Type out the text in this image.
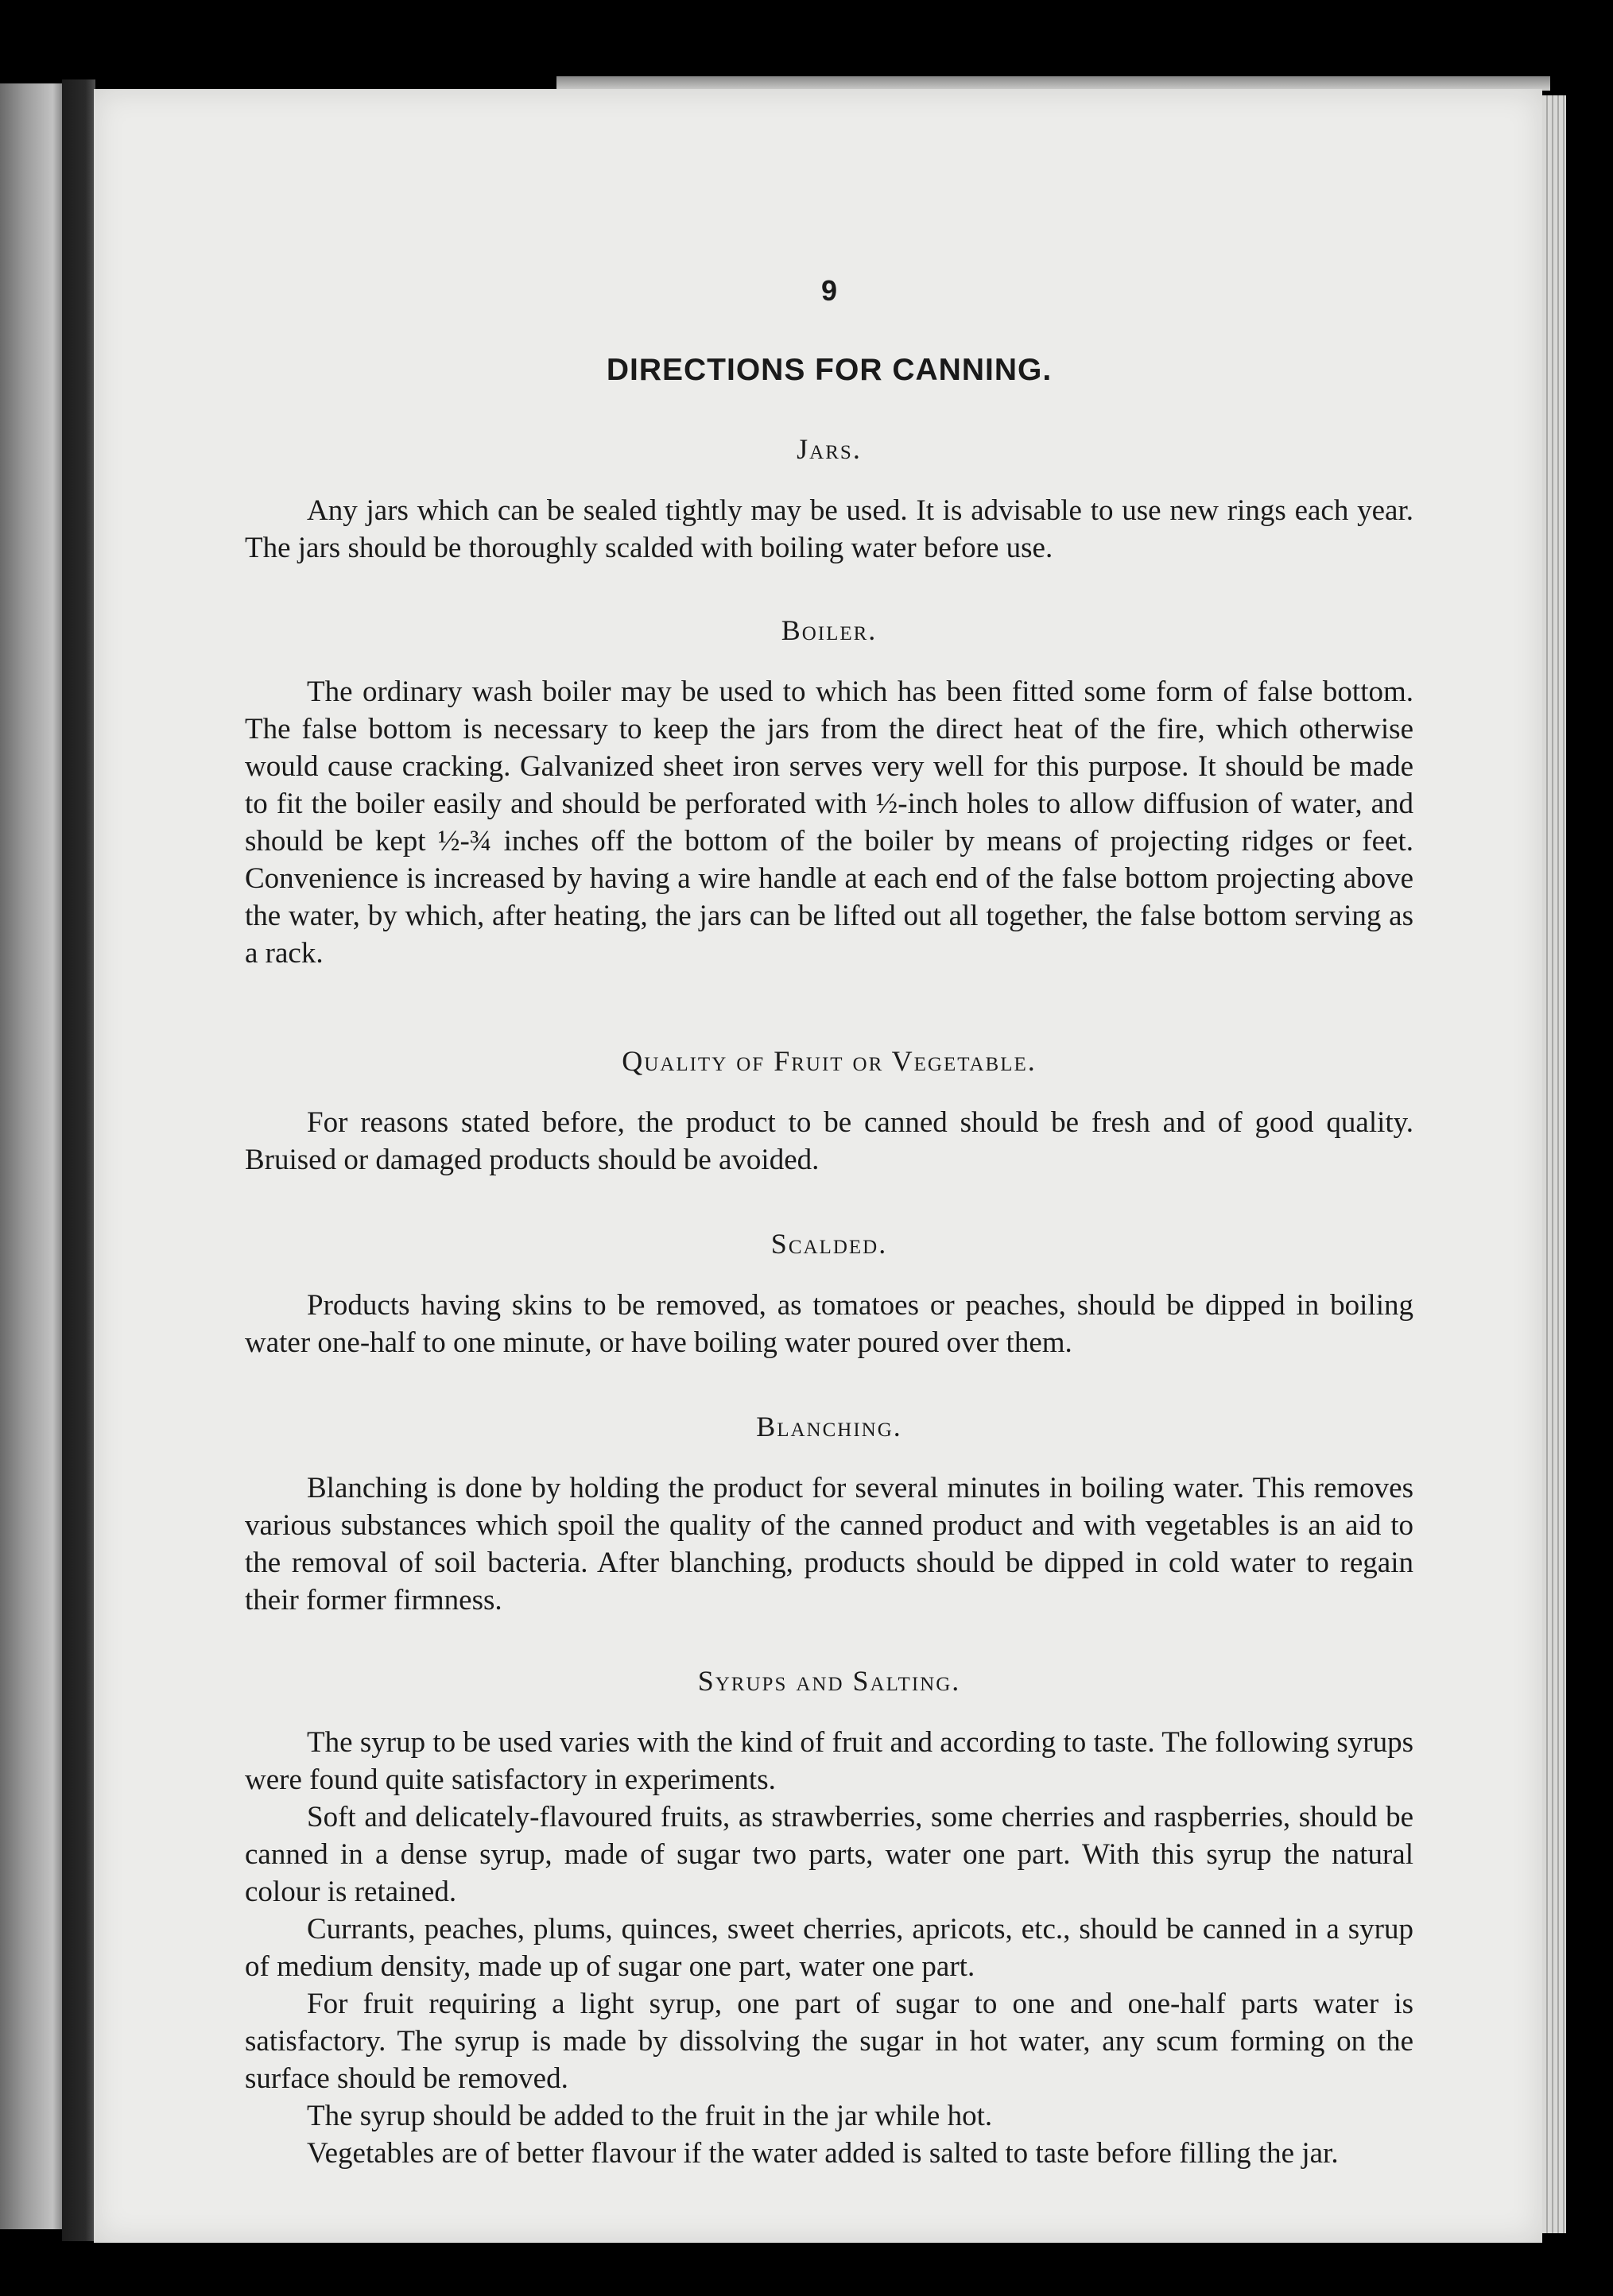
9
DIRECTIONS FOR CANNING.
Jars.

Any jars which can be sealed tightly may be used. It is advisable to use new rings each year. The jars should be thoroughly scalded with boiling water before use.

Boiler.

The ordinary wash boiler may be used to which has been fitted some form of false bottom. The false bottom is necessary to keep the jars from the direct heat of the fire, which otherwise would cause cracking. Galvanized sheet iron serves very well for this purpose. It should be made to fit the boiler easily and should be perforated with ½-inch holes to allow diffusion of water, and should be kept ½-¾ inches off the bottom of the boiler by means of projecting ridges or feet. Convenience is increased by having a wire handle at each end of the false bottom projecting above the water, by which, after heating, the jars can be lifted out all together, the false bottom serving as a rack.

Quality of Fruit or Vegetable.

For reasons stated before, the product to be canned should be fresh and of good quality. Bruised or damaged products should be avoided.

Scalded.

Products having skins to be removed, as tomatoes or peaches, should be dipped in boiling water one-half to one minute, or have boiling water poured over them.

Blanching.

Blanching is done by holding the product for several minutes in boiling water. This removes various substances which spoil the quality of the canned product and with vegetables is an aid to the removal of soil bacteria. After blanching, products should be dipped in cold water to regain their former firmness.

Syrups and Salting.

The syrup to be used varies with the kind of fruit and according to taste. The following syrups were found quite satisfactory in experiments.

Soft and delicately-flavoured fruits, as strawberries, some cherries and raspberries, should be canned in a dense syrup, made of sugar two parts, water one part. With this syrup the natural colour is retained.

Currants, peaches, plums, quinces, sweet cherries, apricots, etc., should be canned in a syrup of medium density, made up of sugar one part, water one part.

For fruit requiring a light syrup, one part of sugar to one and one-half parts water is satisfactory. The syrup is made by dissolving the sugar in hot water, any scum forming on the surface should be removed.

The syrup should be added to the fruit in the jar while hot.

Vegetables are of better flavour if the water added is salted to taste before filling the jar.
